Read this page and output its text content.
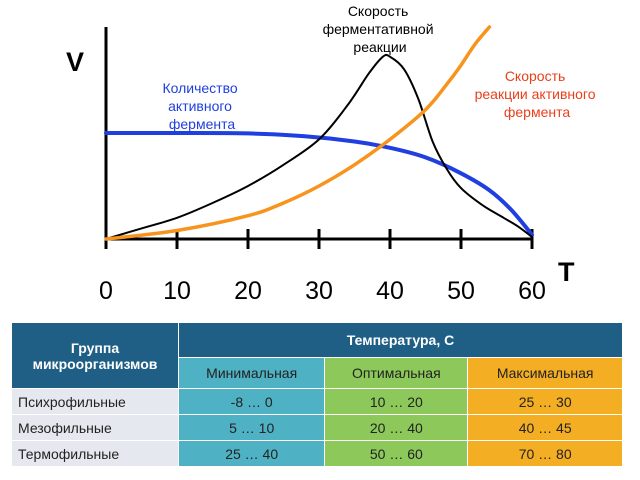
0 10 20 30 40 50 60
V
T
Количество активного фермента
Скорость ферментативной реакции
Скорость реакции активного фермента
Группа микроорганизмов	Температура, С		
	Минимальная	Оптимальная	Максимальная
Психрофильные	-8 … 0	10 … 20	25 … 30
Мезофильные	5 … 10	20 … 40	40 … 45
Термофильные	25 … 40	50 … 60	70 … 80
